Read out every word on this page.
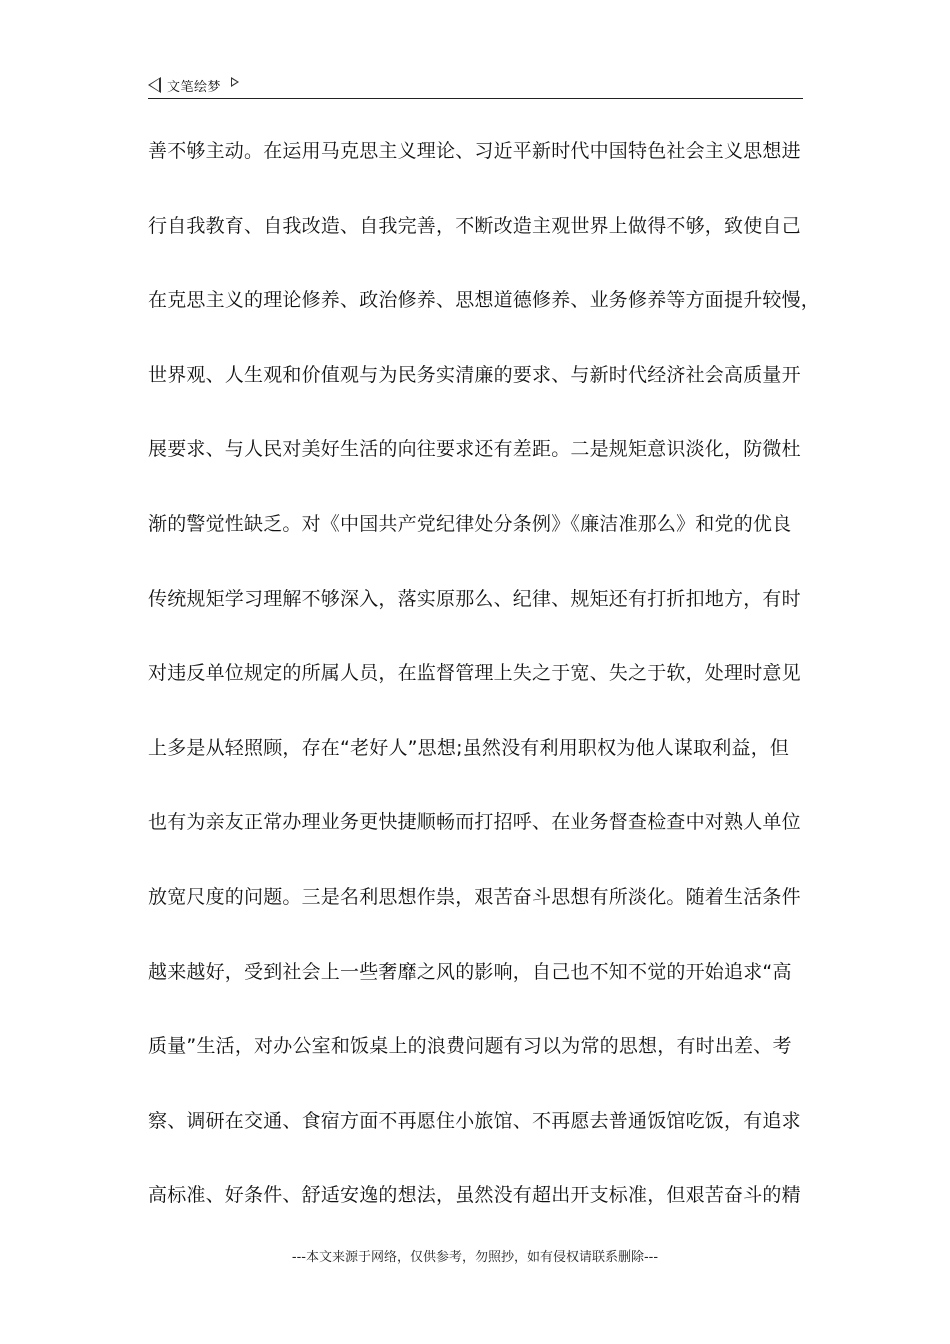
文笔绘梦
善不够主动。在运用马克思主义理论、习近平新时代中国特色社会主义思想进
行自我教育、自我改造、自我完善，不断改造主观世界上做得不够，致使自己
在克思主义的理论修养、政治修养、思想道德修养、业务修养等方面提升较慢，
世界观、人生观和价值观与为民务实清廉的要求、与新时代经济社会高质量开
展要求、与人民对美好生活的向往要求还有差距。二是规矩意识淡化，防微杜
渐的警觉性缺乏。对《中国共产党纪律处分条例》《廉洁准那么》和党的优良
传统规矩学习理解不够深入，落实原那么、纪律、规矩还有打折扣地方，有时
对违反单位规定的所属人员，在监督管理上失之于宽、失之于软，处理时意见
上多是从轻照顾，存在“老好人”思想;虽然没有利用职权为他人谋取利益，但
也有为亲友正常办理业务更快捷顺畅而打招呼、在业务督查检查中对熟人单位
放宽尺度的问题。三是名利思想作祟，艰苦奋斗思想有所淡化。随着生活条件
越来越好，受到社会上一些奢靡之风的影响，自己也不知不觉的开始追求“高
质量”生活，对办公室和饭桌上的浪费问题有习以为常的思想，有时出差、考
察、调研在交通、食宿方面不再愿住小旅馆、不再愿去普通饭馆吃饭，有追求
高标准、好条件、舒适安逸的想法，虽然没有超出开支标准，但艰苦奋斗的精
---本文来源于网络，仅供参考，勿照抄，如有侵权请联系删除---
